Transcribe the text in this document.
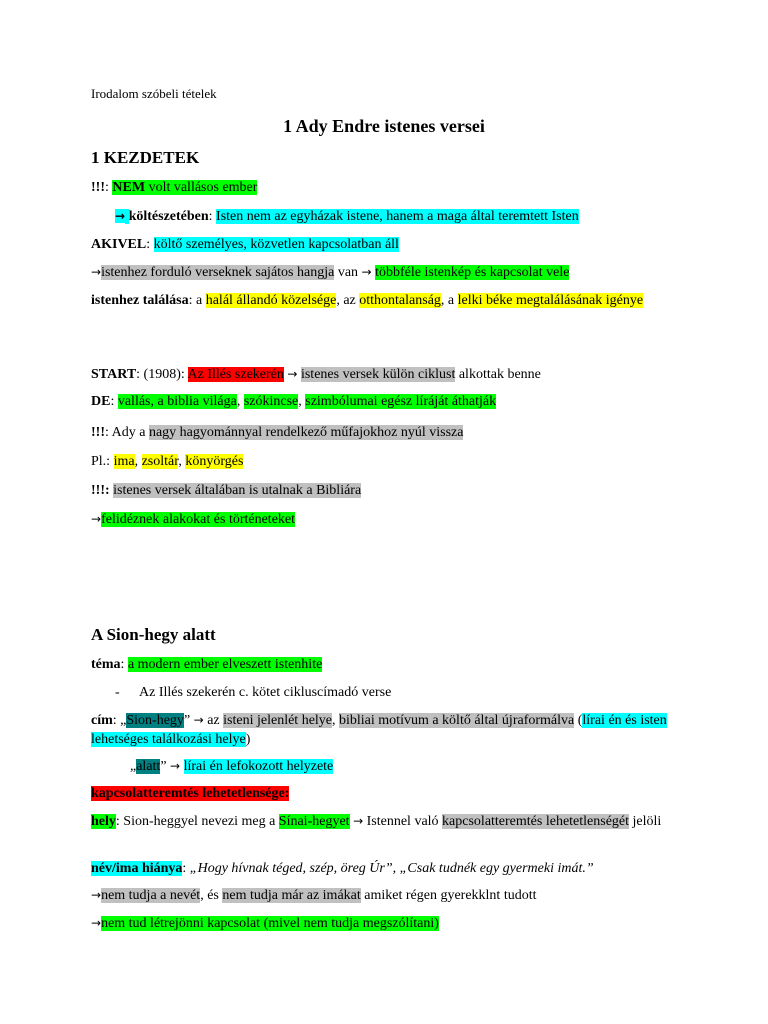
Irodalom szóbeli tételek
1 Ady Endre istenes versei
1 KEZDETEK
!!!: NEM volt vallásos ember
→ költészetében: Isten nem az egyházak istene, hanem a maga által teremtett Isten
AKIVEL: költő személyes, közvetlen kapcsolatban áll
→istenhez forduló verseknek sajátos hangja van → többféle istenkép és kapcsolat vele
istenhez találása: a halál állandó közelsége, az otthontalanság, a lelki béke megtalálásának igénye
START: (1908): Az Illés szekerén → istenes versek külön ciklust alkottak benne
DE: vallás, a biblia világa, szókincse, szimbólumai egész líráját áthatják
!!!: Ady a nagy hagyománnyal rendelkező műfajokhoz nyúl vissza
Pl.: ima, zsoltár, könyörgés
!!!: istenes versek általában is utalnak a Bibliára
→felidéznek alakokat és történeteket
A Sion-hegy alatt
téma: a modern ember elveszett istenhite
- Az Illés szekerén c. kötet cikluscímadó verse
cím: „Sion-hegy” → az isteni jelenlét helye, bibliai motívum a költő által újraformálva (lírai én és isten lehetséges találkozási helye)
„alatt” → lírai én lefokozott helyzete
kapcsolatteremtés lehetetlensége:
hely: Sion-heggyel nevezi meg a Sínai-hegyet → Istennel való kapcsolatteremtés lehetetlenségét jelöli
név/ima hiánya: „Hogy hívnak téged, szép, öreg Úr”, „Csak tudnék egy gyermeki imát.”
→nem tudja a nevét, és nem tudja már az imákat amiket régen gyerekklnt tudott
→nem tud létrejönni kapcsolat (mivel nem tudja megszólítani)
